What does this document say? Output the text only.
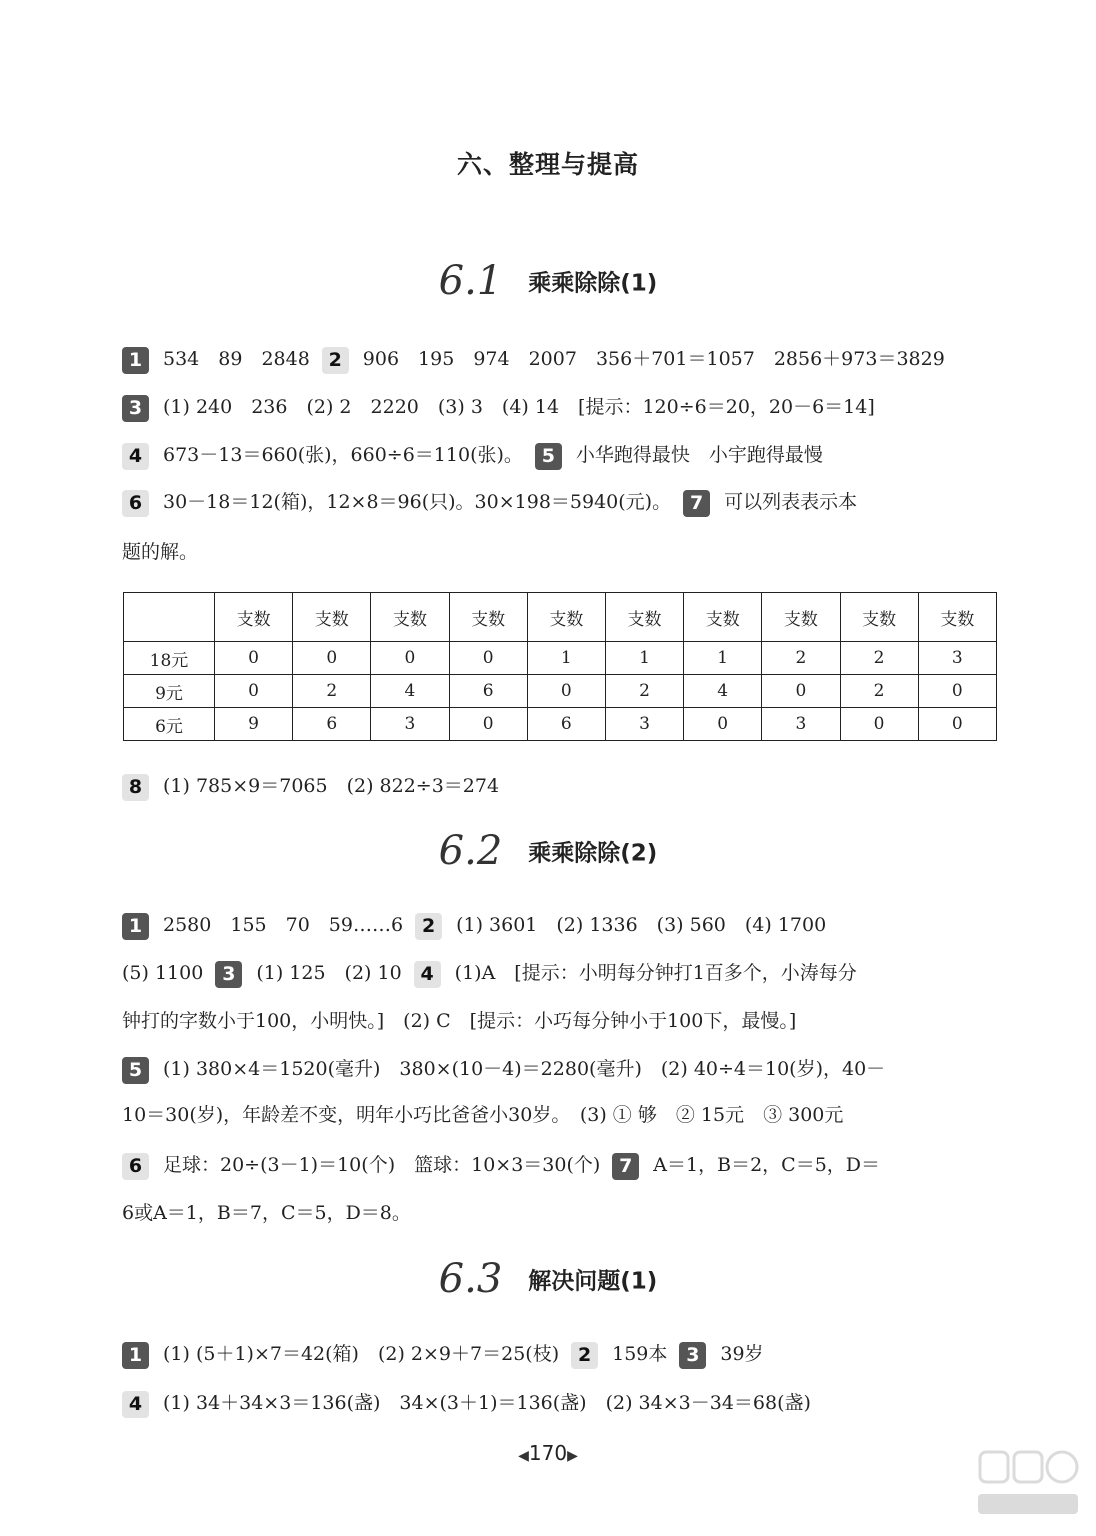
六、整理与提高
6.1 乘乘除除(1)
6.2 乘乘除除(2)
6.3 解决问题(1)
1 534　89　2848 2 906　195　974　2007　356＋701＝1057　2856＋973＝3829
3 (1) 240　236　(2) 2　2220　(3) 3　(4) 14　[提示：120÷6＝20，20－6＝14]
4 673－13＝660(张)，660÷6＝110(张)。 5 小华跑得最快　小宇跑得最慢
6 30－18＝12(箱)，12×8＝96(只)。30×198＝5940(元)。 7 可以列表表示本
题的解。
8 (1) 785×9＝7065　(2) 822÷3＝274
1 2580　155　70　59……6 2 (1) 3601　(2) 1336　(3) 560　(4) 1700
(5) 1100 3 (1) 125　(2) 10 4 (1)A　[提示：小明每分钟打1百多个，小涛每分
钟打的字数小于100，小明快。]　(2) C　[提示：小巧每分钟小于100下，最慢。]
5 (1) 380×4＝1520(毫升)　380×(10－4)＝2280(毫升)　(2) 40÷4＝10(岁)，40－
10＝30(岁)，年龄差不变，明年小巧比爸爸小30岁。　(3) ① 够　② 15元　③ 300元
6 足球：20÷(3－1)＝10(个)　篮球：10×3＝30(个) 7 A＝1，B＝2，C＝5，D＝
6或A＝1，B＝7，C＝5，D＝8。
1 (1) (5＋1)×7＝42(箱)　(2) 2×9＋7＝25(枝) 2 159本 3 39岁
4 (1) 34＋34×3＝136(盏)　34×(3＋1)＝136(盏)　(2) 34×3－34＝68(盏)
	支数	支数	支数	支数	支数	支数	支数	支数	支数	支数
18元	0	0	0	0	1	1	1	2	2	3
9元	0	2	4	6	0	2	4	0	2	0
6元	9	6	3	0	6	3	0	3	0	0
◀170▶
